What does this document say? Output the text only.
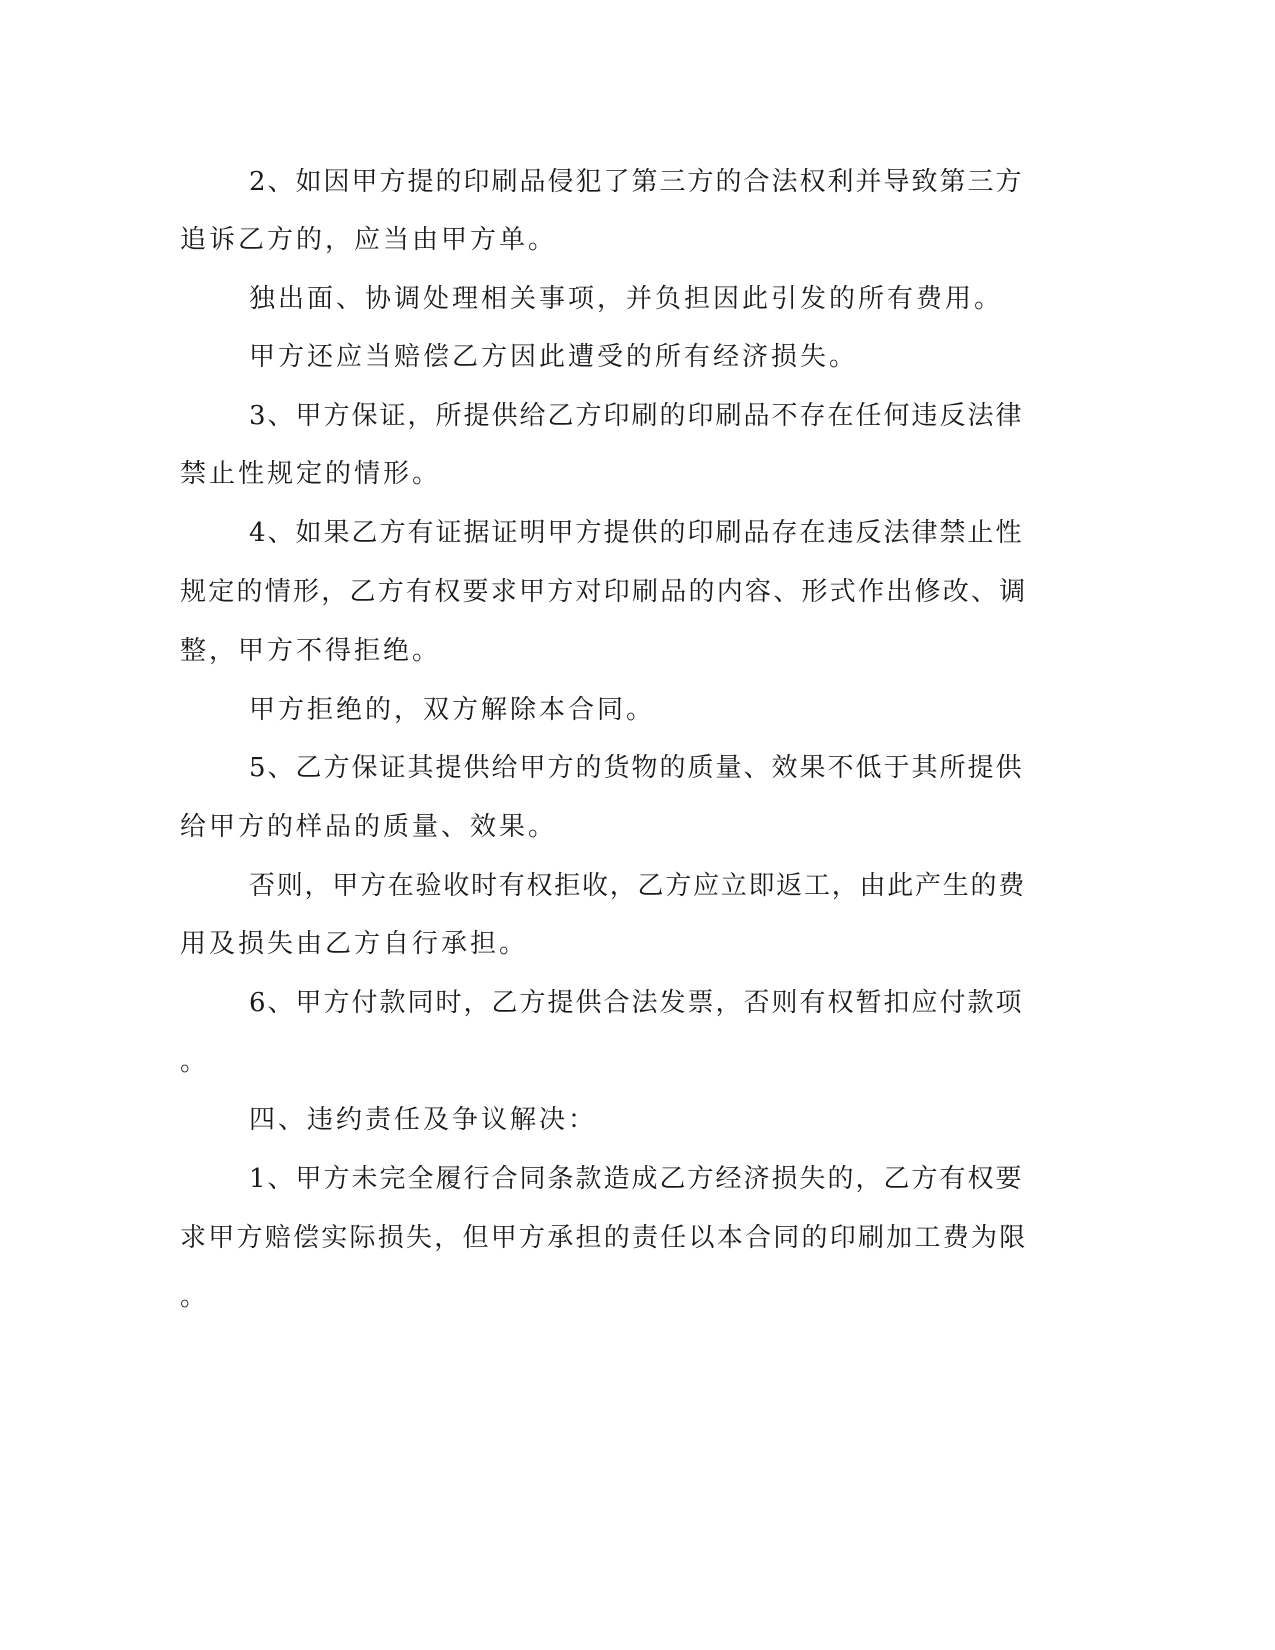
2、如因甲方提的印刷品侵犯了第三方的合法权利并导致第三方
追诉乙方的，应当由甲方单。
独出面、协调处理相关事项，并负担因此引发的所有费用。
甲方还应当赔偿乙方因此遭受的所有经济损失。
3、甲方保证，所提供给乙方印刷的印刷品不存在任何违反法律
禁止性规定的情形。
4、如果乙方有证据证明甲方提供的印刷品存在违反法律禁止性
规定的情形，乙方有权要求甲方对印刷品的内容、形式作出修改、调
整，甲方不得拒绝。
甲方拒绝的，双方解除本合同。
5、乙方保证其提供给甲方的货物的质量、效果不低于其所提供
给甲方的样品的质量、效果。
否则，甲方在验收时有权拒收，乙方应立即返工，由此产生的费
用及损失由乙方自行承担。
6、甲方付款同时，乙方提供合法发票，否则有权暂扣应付款项
。
四、违约责任及争议解决：
1、甲方未完全履行合同条款造成乙方经济损失的，乙方有权要
求甲方赔偿实际损失，但甲方承担的责任以本合同的印刷加工费为限
。
